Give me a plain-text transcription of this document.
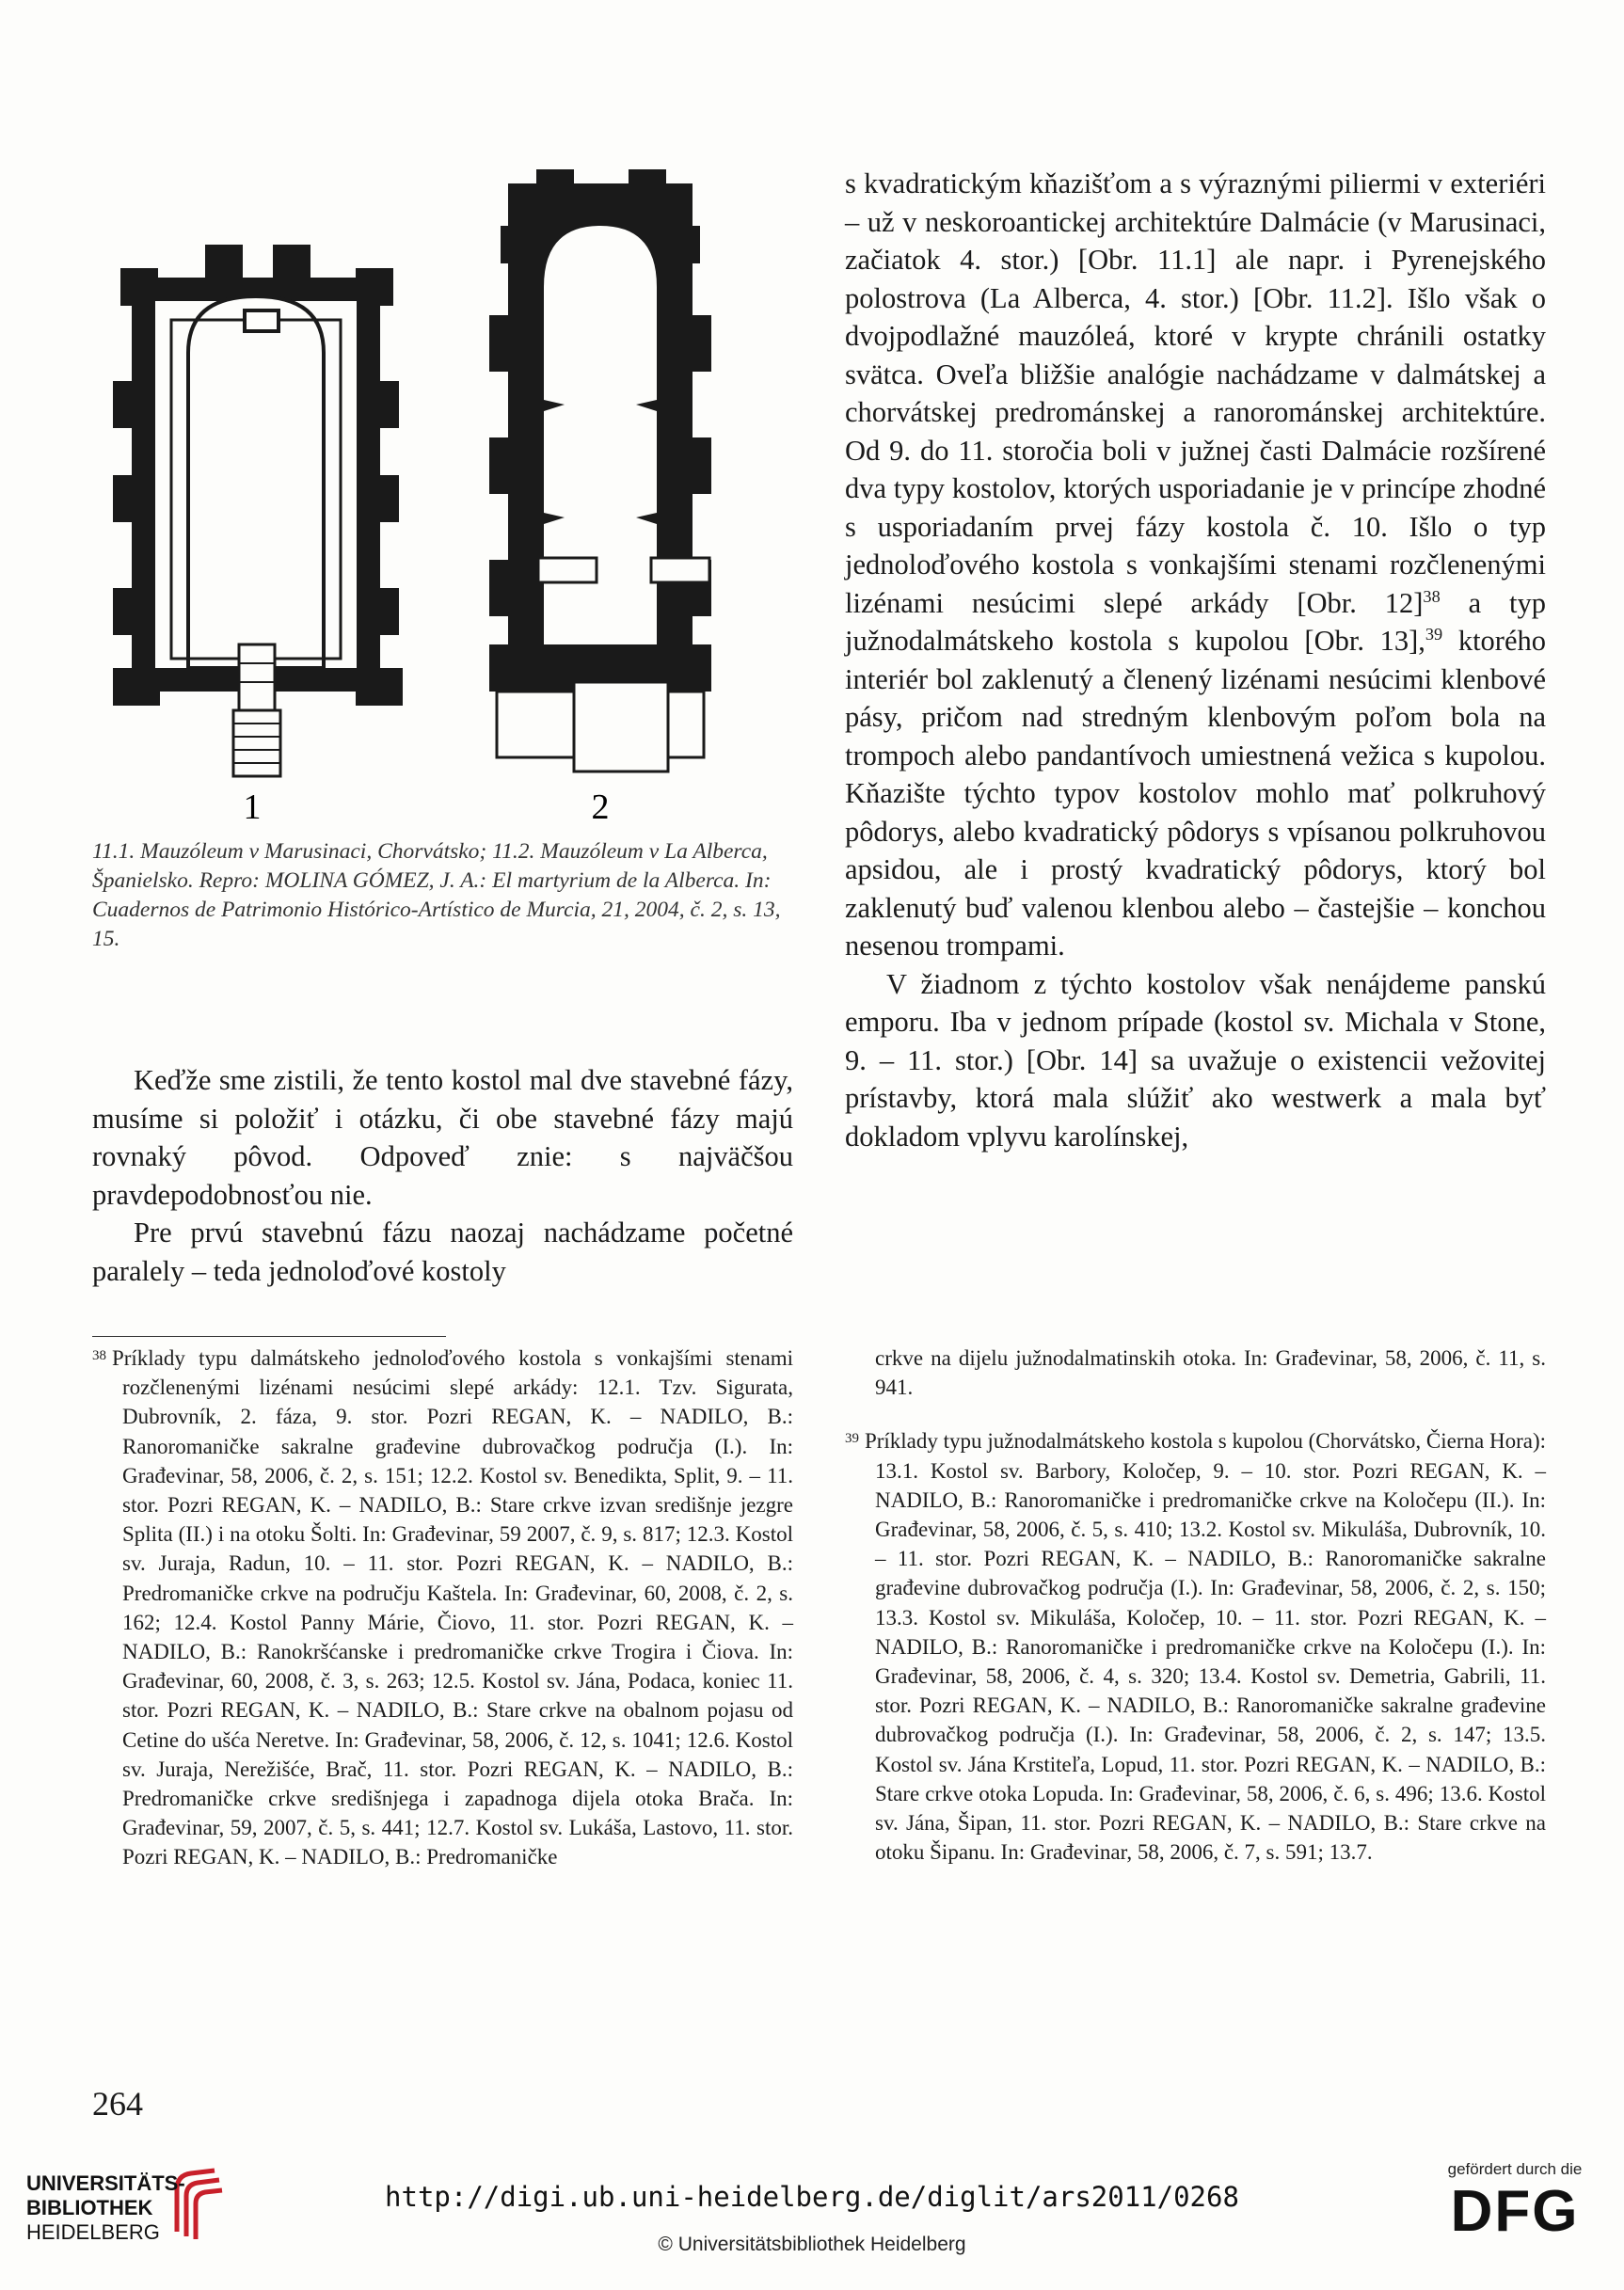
1	2
11.1. Mauzóleum v Marusinaci, Chorvátsko; 11.2. Mauzóleum v La Alberca, Španielsko. Repro: MOLINA GÓMEZ, J. A.: El martyrium de la Alberca. In: Cuadernos de Patrimonio Histórico-Artístico de Murcia, 21, 2004, č. 2, s. 13, 15.

Keďže sme zistili, že tento kostol mal dve stavebné fázy, musíme si položiť i otázku, či obe stavebné fázy majú rovnaký pôvod. Odpoveď znie: s najväčšou pravdepodobnosťou nie.

Pre prvú stavebnú fázu naozaj nachádzame početné paralely – teda jednoloďové kostoly

s kvadratickým kňazišťom a s výraznými piliermi v exteriéri – už v neskoroantickej architektúre Dalmácie (v Marusinaci, začiatok 4. stor.) [Obr. 11.1] ale napr. i Pyrenejského polostrova (La Alberca, 4. stor.) [Obr. 11.2]. Išlo však o dvojpodlažné mauzóleá, ktoré v krypte chránili ostatky svätca. Oveľa bližšie analógie nachádzame v dalmátskej a chorvátskej predrománskej a ranorománskej architektúre. Od 9. do 11. storočia boli v južnej časti Dalmácie rozšírené dva typy kostolov, ktorých usporiadanie je v princípe zhodné s usporiadaním prvej fázy kostola č. 10. Išlo o typ jednoloďového kostola s vonkajšími stenami rozčlenenými lizénami nesúcimi slepé arkády [Obr. 12]$^{38}$ a typ južnodalmátskeho kostola s kupolou [Obr. 13],$^{39}$ ktorého interiér bol zaklenutý a členený lizénami nesúcimi klenbové pásy, pričom nad stredným klenbovým poľom bola na trompoch alebo pandantívoch umiestnená vežica s kupolou. Kňazište týchto typov kostolov mohlo mať polkruhový pôdorys, alebo kvadratický pôdorys s vpísanou polkruhovou apsidou, ale i prostý kvadratický pôdorys, ktorý bol zaklenutý buď valenou klenbou alebo – častejšie – konchou nesenou trompami.

V žiadnom z týchto kostolov však nenájdeme panskú emporu. Iba v jednom prípade (kostol sv. Michala v Stone, 9. – 11. stor.) [Obr. 14] sa uvažuje o existencii vežovitej prístavby, ktorá mala slúžiť ako westwerk a mala byť dokladom vplyvu karolínskej,

$^{38}$ Príklady typu dalmátskeho jednoloďového kostola s vonkajšími stenami rozčlenenými lizénami nesúcimi slepé arkády: 12.1. Tzv. Sigurata, Dubrovník, 2. fáza, 9. stor. Pozri REGAN, K. – NADILO, B.: Ranoromaničke sakralne građevine dubrovačkog područja (I.). In: Građevinar, 58, 2006, č. 2, s. 151; 12.2. Kostol sv. Benedikta, Split, 9. – 11. stor. Pozri REGAN, K. – NADILO, B.: Stare crkve izvan središnje jezgre Splita (II.) i na otoku Šolti. In: Građevinar, 59 2007, č. 9, s. 817; 12.3. Kostol sv. Juraja, Radun, 10. – 11. stor. Pozri REGAN, K. – NADILO, B.: Predromaničke crkve na području Kaštela. In: Građevinar, 60, 2008, č. 2, s. 162; 12.4. Kostol Panny Márie, Čiovo, 11. stor. Pozri REGAN, K. – NADILO, B.: Ranokršćanske i predromaničke crkve Trogira i Čiova. In: Građevinar, 60, 2008, č. 3, s. 263; 12.5. Kostol sv. Jána, Podaca, koniec 11. stor. Pozri REGAN, K. – NADILO, B.: Stare crkve na obalnom pojasu od Cetine do ušća Neretve. In: Građevinar, 58, 2006, č. 12, s. 1041; 12.6. Kostol sv. Juraja, Nerežišće, Brač, 11. stor. Pozri REGAN, K. – NADILO, B.: Predromaničke crkve središnjega i zapadnoga dijela otoka Brača. In: Građevinar, 59, 2007, č. 5, s. 441; 12.7. Kostol sv. Lukáša, Lastovo, 11. stor. Pozri REGAN, K. – NADILO, B.: Predromaničke

crkve na dijelu južnodalmatinskih otoka. In: Građevinar, 58, 2006, č. 11, s. 941.

$^{39}$ Príklady typu južnodalmátskeho kostola s kupolou (Chorvátsko, Čierna Hora): 13.1. Kostol sv. Barbory, Koločep, 9. – 10. stor. Pozri REGAN, K. – NADILO, B.: Ranoromaničke i predromaničke crkve na Koločepu (II.). In: Građevinar, 58, 2006, č. 5, s. 410; 13.2. Kostol sv. Mikuláša, Dubrovník, 10. – 11. stor. Pozri REGAN, K. – NADILO, B.: Ranoromaničke sakralne građevine dubrovačkog područja (I.). In: Građevinar, 58, 2006, č. 2, s. 150; 13.3. Kostol sv. Mikuláša, Koločep, 10. – 11. stor. Pozri REGAN, K. – NADILO, B.: Ranoromaničke i predromaničke crkve na Koločepu (I.). In: Građevinar, 58, 2006, č. 4, s. 320; 13.4. Kostol sv. Demetria, Gabrili, 11. stor. Pozri REGAN, K. – NADILO, B.: Ranoromaničke sakralne građevine dubrovačkog područja (I.). In: Građevinar, 58, 2006, č. 2, s. 147; 13.5. Kostol sv. Jána Krstiteľa, Lopud, 11. stor. Pozri REGAN, K. – NADILO, B.: Stare crkve otoka Lopuda. In: Građevinar, 58, 2006, č. 6, s. 496; 13.6. Kostol sv. Jána, Šipan, 11. stor. Pozri REGAN, K. – NADILO, B.: Stare crkve na otoku Šipanu. In: Građevinar, 58, 2006, č. 7, s. 591; 13.7.

264
UNIVERSITÄTS-
BIBLIOTHEK
HEIDELBERG
http://digi.ub.uni-heidelberg.de/diglit/ars2011/0268
© Universitätsbibliothek Heidelberg
gefördert durch die
DFG
